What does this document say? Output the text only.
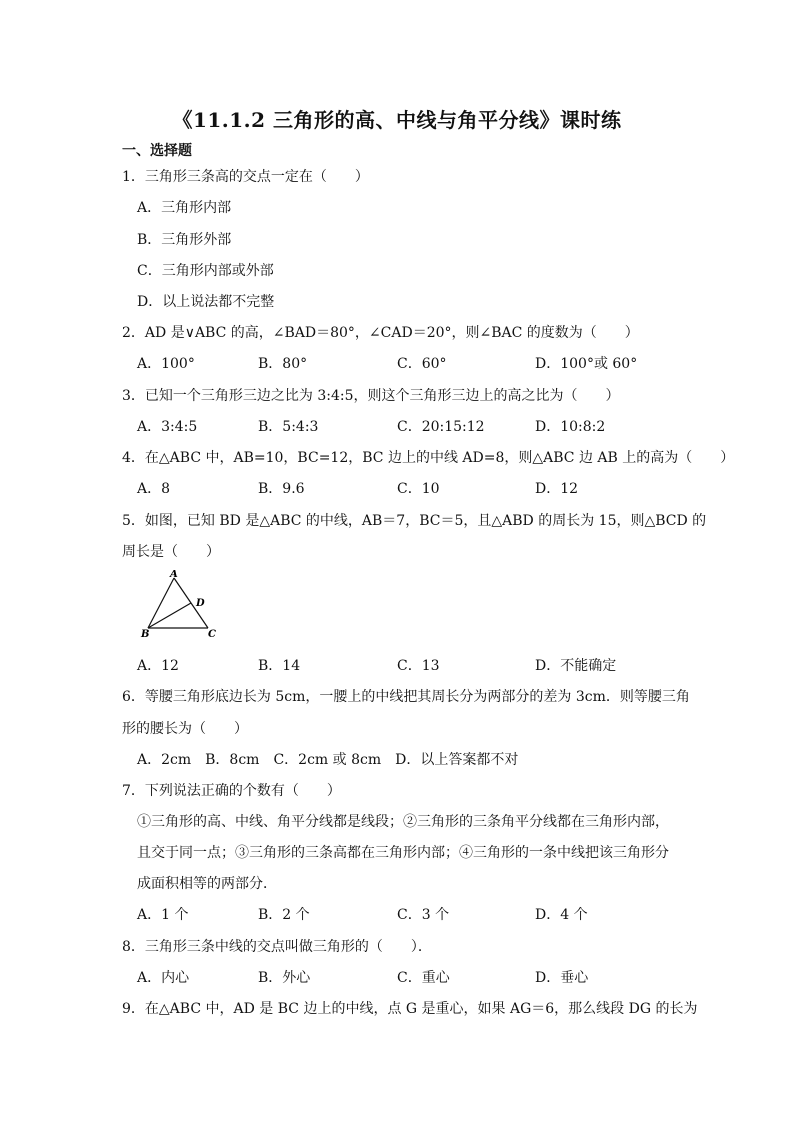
《11.1.2 三角形的高、中线与角平分线》课时练
一、选择题
1．三角形三条高的交点一定在（　　）
A．三角形内部
B．三角形外部
C．三角形内部或外部
D．以上说法都不完整
2．AD 是∨ABC 的高，∠BAD＝80°，∠CAD＝20°，则∠BAC 的度数为（　　）
A．100°	B．80°	C．60°	D．100°或 60°
3．已知一个三角形三边之比为 3:4:5，则这个三角形三边上的高之比为（　　）
A．3:4:5	B．5:4:3	C．20:15:12	D．10:8:2
4．在△ABC 中，AB=10，BC=12，BC 边上的中线 AD=8，则△ABC 边 AB 上的高为（　　）
A．8	B．9.6	C．10	D．12
5．如图，已知 BD 是△ABC 的中线，AB＝7，BC＝5，且△ABD 的周长为 15，则△BCD 的
周长是（　　）
A
B	C
D
A．12	B．14	C．13	D．不能确定
6．等腰三角形底边长为 5cm，一腰上的中线把其周长分为两部分的差为 3cm．则等腰三角
形的腰长为（　　）
A．2cm　B．8cm　C．2cm 或 8cm　D．以上答案都不对
7．下列说法正确的个数有（　　）
①三角形的高、中线、角平分线都是线段；②三角形的三条角平分线都在三角形内部，
且交于同一点；③三角形的三条高都在三角形内部；④三角形的一条中线把该三角形分
成面积相等的两部分．
A．1 个	B．2 个	C．3 个	D．4 个
8．三角形三条中线的交点叫做三角形的（　　）．
A．内心	B．外心	C．重心	D．垂心
9．在△ABC 中，AD 是 BC 边上的中线，点 G 是重心，如果 AG＝6，那么线段 DG 的长为
